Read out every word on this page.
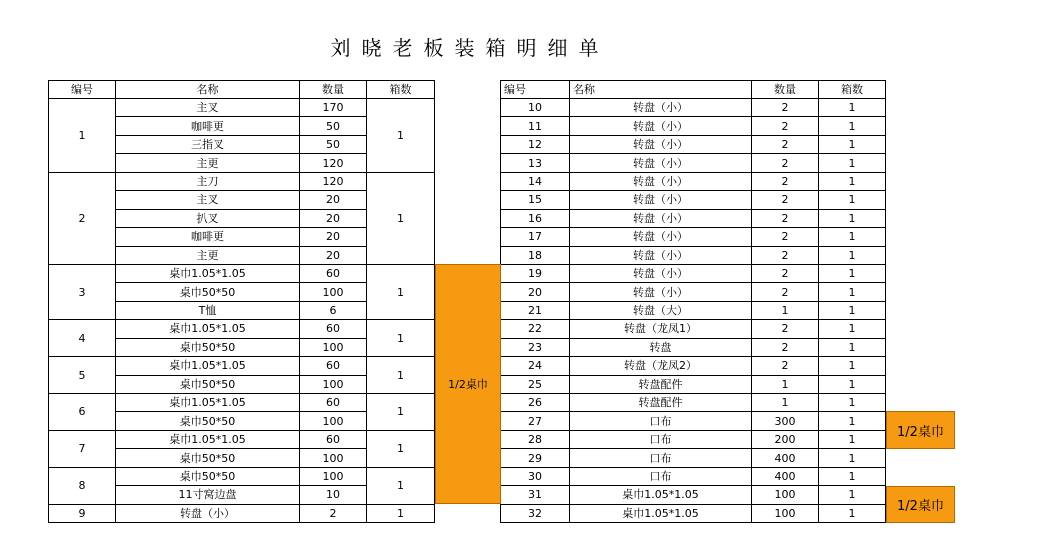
刘晓老板装箱明细单
编号	名称	数量	箱数
1	主叉	170	1
	咖啡更	50	
	三指叉	50	
	主更	120	
2	主刀	120	1
	主叉	20	
	扒叉	20	
	咖啡更	20	
	主更	20	
3	桌巾1.05*1.05	60	1
	桌巾50*50	100	
	T恤	6	
4	桌巾1.05*1.05	60	1
	桌巾50*50	100	
5	桌巾1.05*1.05	60	1
	桌巾50*50	100	
6	桌巾1.05*1.05	60	1
	桌巾50*50	100	
7	桌巾1.05*1.05	60	1
	桌巾50*50	100	
8	桌巾50*50	100	1
	11寸窝边盘	10	
9	转盘（小）	2	1
编号	名称	数量	箱数
10	转盘（小）	2	1
11	转盘（小）	2	1
12	转盘（小）	2	1
13	转盘（小）	2	1
14	转盘（小）	2	1
15	转盘（小）	2	1
16	转盘（小）	2	1
17	转盘（小）	2	1
18	转盘（小）	2	1
19	转盘（小）	2	1
20	转盘（小）	2	1
21	转盘（大）	1	1
22	转盘（龙凤1）	2	1
23	转盘	2	1
24	转盘（龙凤2）	2	1
25	转盘配件	1	1
26	转盘配件	1	1
27	口布	300	1
28	口布	200	1
29	口布	400	1
30	口布	400	1
31	桌巾1.05*1.05	100	1
32	桌巾1.05*1.05	100	1
1/2桌巾
1/2桌巾
1/2桌巾
